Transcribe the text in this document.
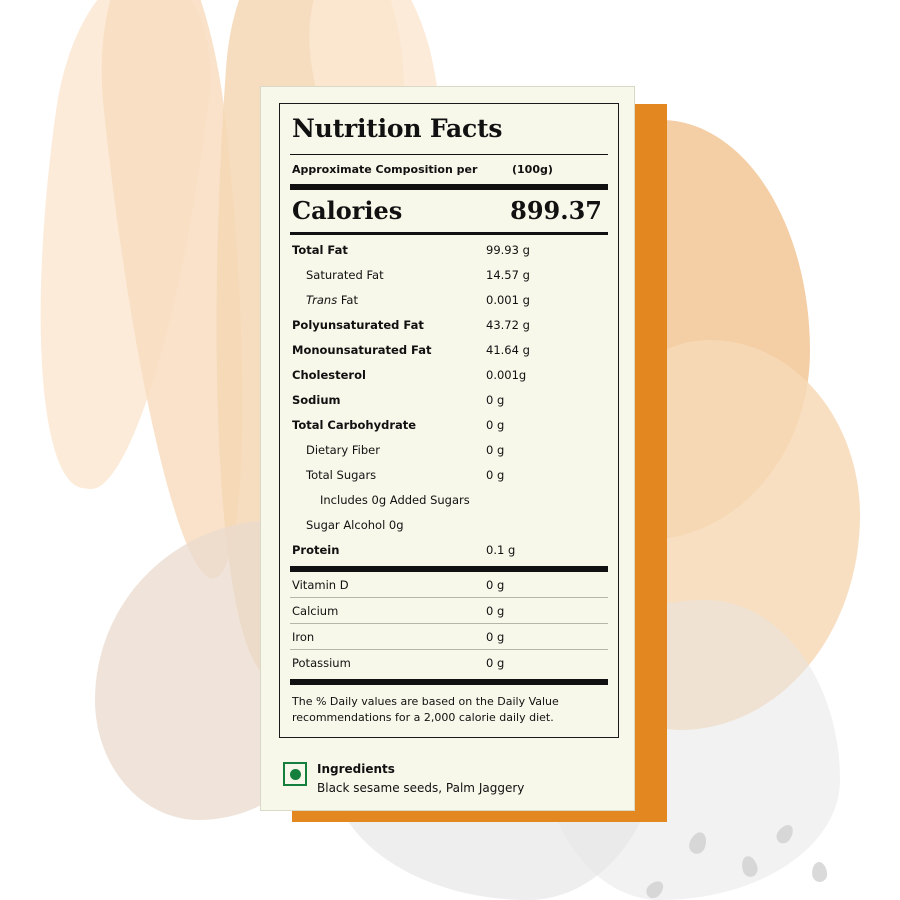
Nutrition Facts
Approximate Composition per	(100g)
Calories	899.37
Total Fat	99.93 g
Saturated Fat	14.57 g
Trans Fat	0.001 g
Polyunsaturated Fat	43.72 g
Monounsaturated Fat	41.64 g
Cholesterol	0.001g
Sodium	0 g
Total Carbohydrate	0 g
Dietary Fiber	0 g
Total Sugars	0 g
Includes 0g Added Sugars
Sugar Alcohol 0g
Protein	0.1 g
Vitamin D	0 g
Calcium	0 g
Iron	0 g
Potassium	0 g
The % Daily values are based on the Daily Value recommendations for a 2,000 calorie daily diet.
Ingredients
Black sesame seeds, Palm Jaggery
